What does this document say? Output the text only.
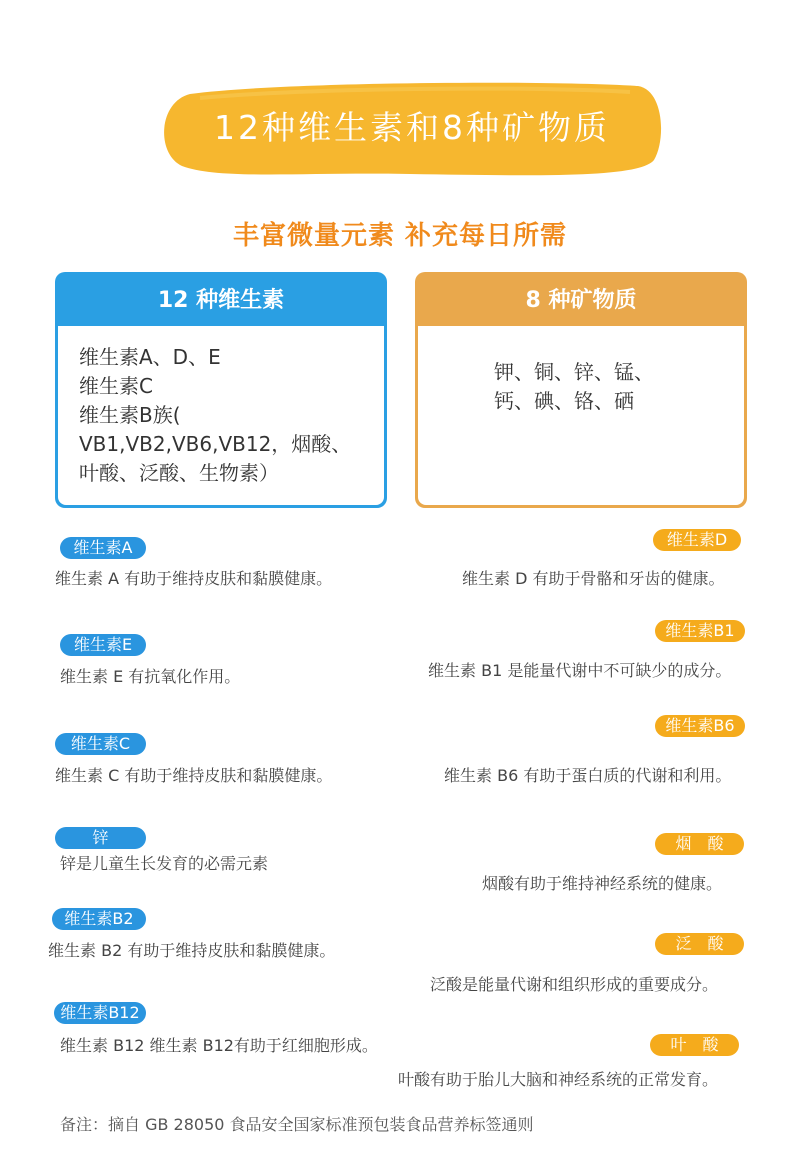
12种维生素和8种矿物质
丰富微量元素 补充每日所需
12 种维生素
维生素A、D、E
维生素C
维生素B族(
VB1,VB2,VB6,VB12，烟酸、
叶酸、泛酸、生物素）
8 种矿物质
钾、铜、锌、锰、
钙、碘、铬、硒
维生素A
维生素 A 有助于维持皮肤和黏膜健康。
维生素E
维生素 E 有抗氧化作用。
维生素C
维生素 C 有助于维持皮肤和黏膜健康。
锌
锌是儿童生长发育的必需元素
维生素B2
维生素 B2 有助于维持皮肤和黏膜健康。
维生素B12
维生素 B12 维生素 B12有助于红细胞形成。
维生素D
维生素 D 有助于骨骼和牙齿的健康。
维生素B1
维生素 B1 是能量代谢中不可缺少的成分。
维生素B6
维生素 B6 有助于蛋白质的代谢和利用。
烟　酸
烟酸有助于维持神经系统的健康。
泛　酸
泛酸是能量代谢和组织形成的重要成分。
叶　酸
叶酸有助于胎儿大脑和神经系统的正常发育。
备注：摘自 GB 28050 食品安全国家标准预包装食品营养标签通则
